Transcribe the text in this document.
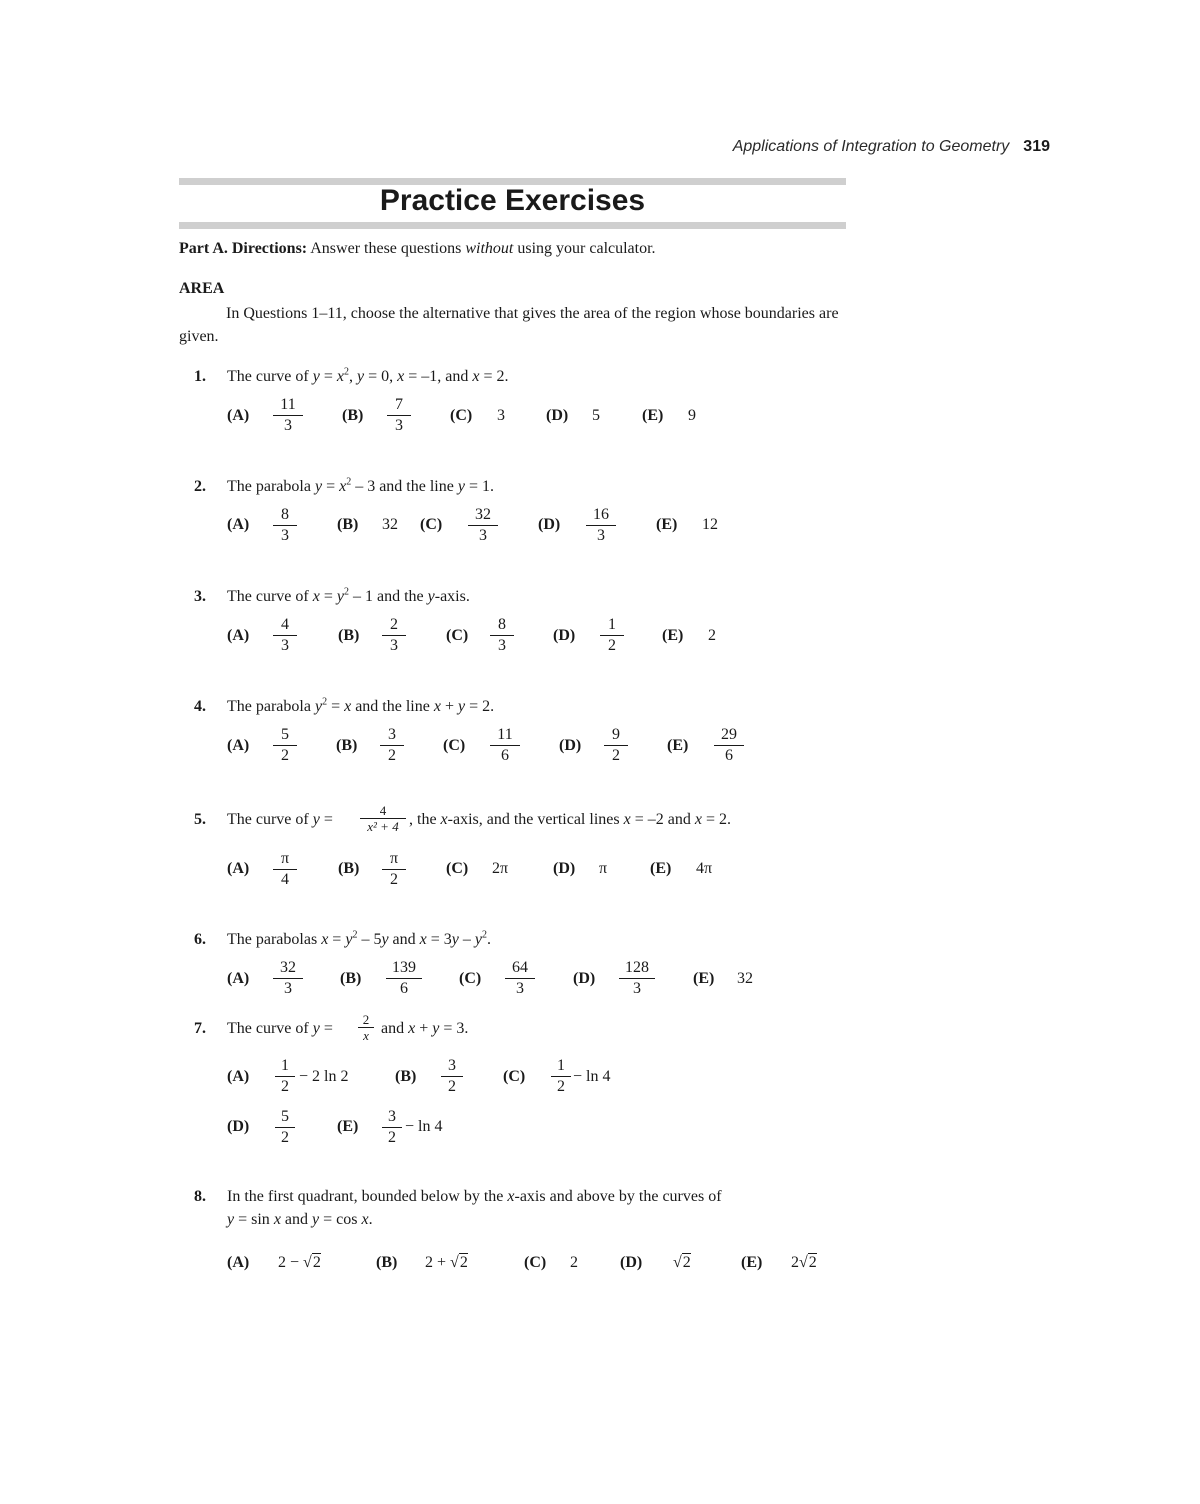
Applications of Integration to Geometry 319
Practice Exercises
Part A. Directions: Answer these questions without using your calculator.
AREA
In Questions 1–11, choose the alternative that gives the area of the region whose boundaries are given.
1. The curve of $y = x^2$, y = 0, x = –1, and x = 2.
$(A) \frac{11}{3} (B) \frac{7}{3} (C)$ 3	(D) 5	(E) 9
2. The parabola $y = x^2 - 3$ and the line y = 1.
$(A) \frac{8}{3}$	(B) 32 $(C) \frac{32}{3}$	$(D) \frac{16}{3}$	(E) 12
3. The curve of $x = y^2 - 1$ and the y-axis.
$(A) \frac{4}{3}$	$(B) \frac{2}{3}$	$(C) \frac{8}{3} (D) \frac{1}{2} (E)$ 2
4. The parabola $y^2 = x$ and the line x + y = 2.
$(A) \frac{5}{2} (B) \frac{3}{2} (C) \frac{11}{6} (D) \frac{9}{2} (E) \frac{29}{6}$
5. The curve of y =
4
x² + 4 , the x-axis, and the vertical lines x = –2 and x = 2.
$(A) \frac{\pi}{4}$	$(B) \frac{\pi}{2}$	(C) 2π	(D) π	(E) 4π
6. The parabolas $x = y^2 - 5y$ and $x = 3y - y^2$.
$(A) \frac{32}{3} (B) \frac{139}{6} (C) \frac{64}{3} (D) \frac{128}{3} (E)$ 32
7. The curve of y =
2
x and x + y = 3.
$(A) \frac{1}{2} - 2$ ln 2	$(B) \frac{3}{2}$	$(C) \frac{1}{2} - \ln 4$
$(D) \frac{5}{2}$	$(E) \frac{3}{2} - \ln 4$
8. In the first quadrant, bounded below by the x-axis and above by the curves of
y = sin x and y = cos x.
(A) 2 − √2	(B) 2 + √2	(C) 2	(D) √2	(E) 2√2
